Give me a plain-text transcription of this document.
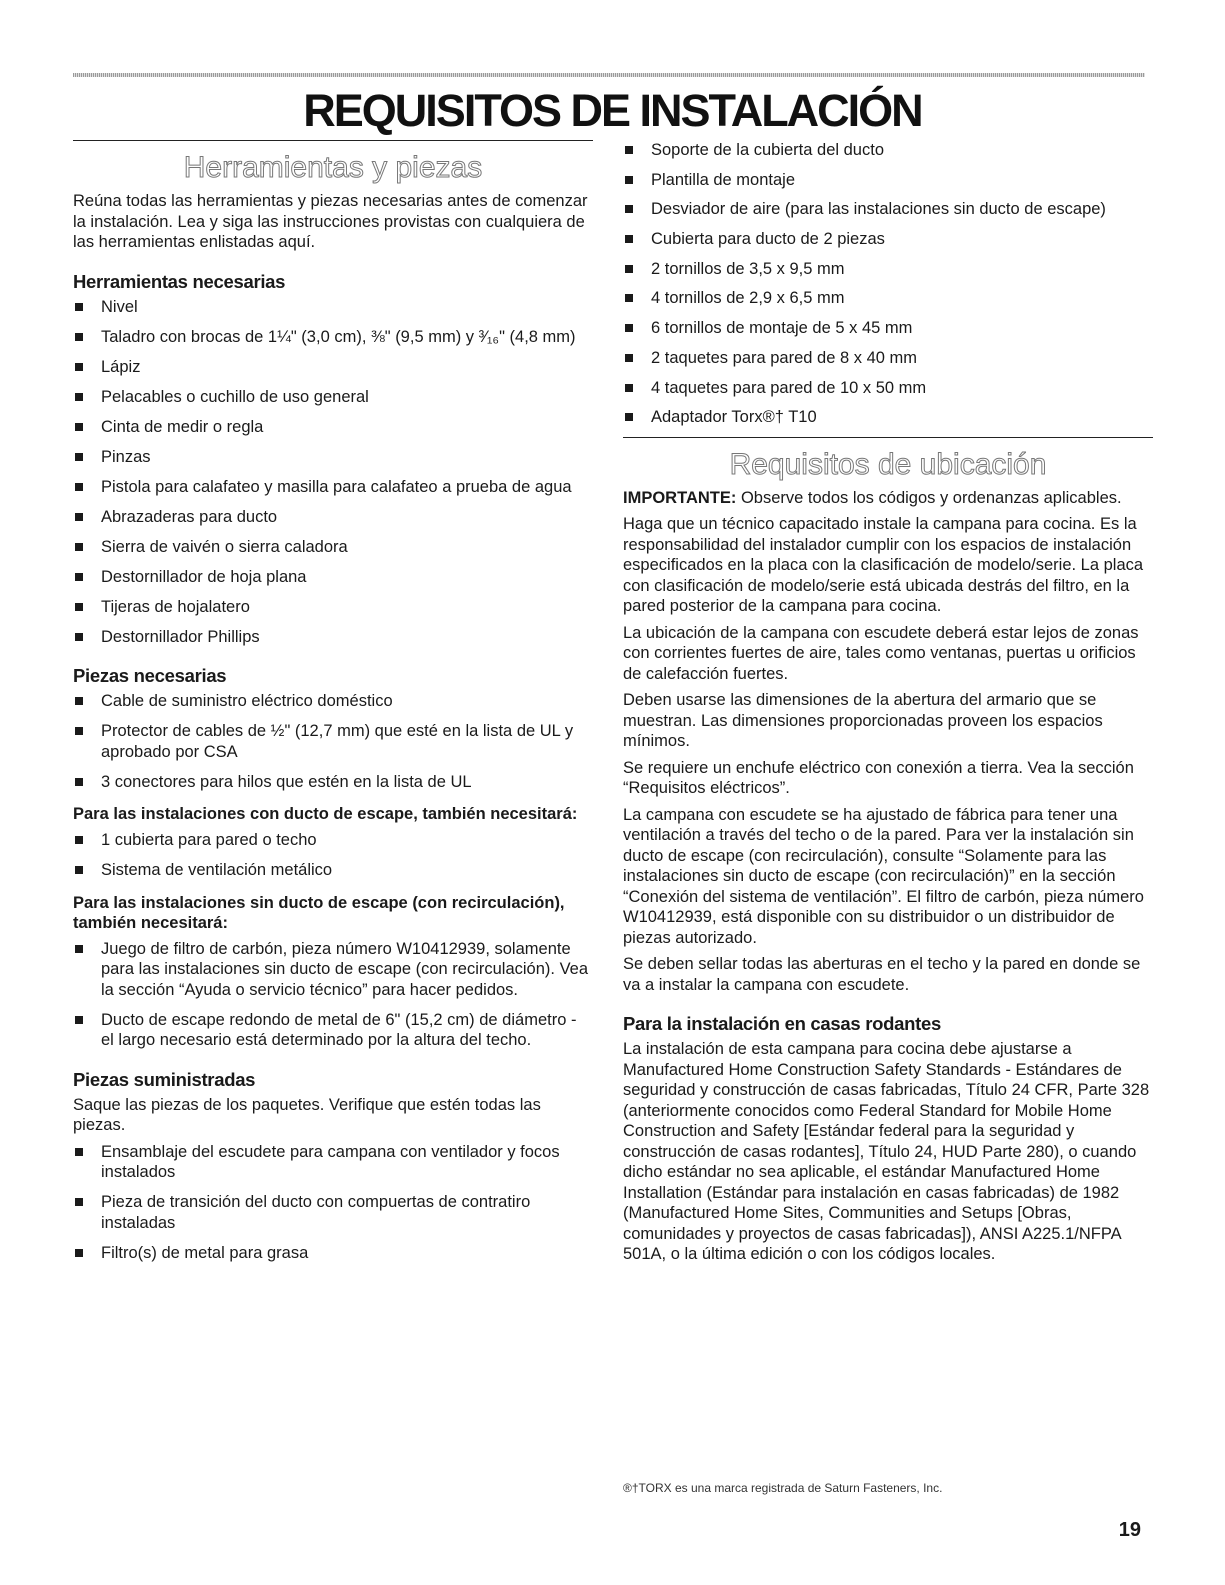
REQUISITOS DE INSTALACIÓN
Herramientas y piezas

Reúna todas las herramientas y piezas necesarias antes de comenzar la instalación. Lea y siga las instrucciones provistas con cualquiera de las herramientas enlistadas aquí.

Herramientas necesarias
Nivel
Taladro con brocas de 1¼" (3,0 cm), ⅜" (9,5 mm) y ³⁄₁₆" (4,8 mm)
Lápiz
Pelacables o cuchillo de uso general
Cinta de medir o regla
Pinzas
Pistola para calafateo y masilla para calafateo a prueba de agua
Abrazaderas para ducto
Sierra de vaivén o sierra caladora
Destornillador de hoja plana
Tijeras de hojalatero
Destornillador Phillips
Piezas necesarias
Cable de suministro eléctrico doméstico
Protector de cables de ½" (12,7 mm) que esté en la lista de UL y aprobado por CSA
3 conectores para hilos que estén en la lista de UL
Para las instalaciones con ducto de escape, también necesitará:
1 cubierta para pared o techo
Sistema de ventilación metálico
Para las instalaciones sin ducto de escape (con recirculación), también necesitará:
Juego de filtro de carbón, pieza número W10412939, solamente para las instalaciones sin ducto de escape (con recirculación). Vea la sección “Ayuda o servicio técnico” para hacer pedidos.
Ducto de escape redondo de metal de 6" (15,2 cm) de diámetro - el largo necesario está determinado por la altura del techo.
Piezas suministradas

Saque las piezas de los paquetes. Verifique que estén todas las piezas.

Ensamblaje del escudete para campana con ventilador y focos instalados
Pieza de transición del ducto con compuertas de contratiro instaladas
Filtro(s) de metal para grasa
Soporte de la cubierta del ducto
Plantilla de montaje
Desviador de aire (para las instalaciones sin ducto de escape)
Cubierta para ducto de 2 piezas
2 tornillos de 3,5 x 9,5 mm
4 tornillos de 2,9 x 6,5 mm
6 tornillos de montaje de 5 x 45 mm
2 taquetes para pared de 8 x 40 mm
4 taquetes para pared de 10 x 50 mm
Adaptador Torx®† T10
Requisitos de ubicación

IMPORTANTE: Observe todos los códigos y ordenanzas aplicables.

Haga que un técnico capacitado instale la campana para cocina. Es la responsabilidad del instalador cumplir con los espacios de instalación especificados en la placa con la clasificación de modelo/serie. La placa con clasificación de modelo/serie está ubicada destrás del filtro, en la pared posterior de la campana para cocina.

La ubicación de la campana con escudete deberá estar lejos de zonas con corrientes fuertes de aire, tales como ventanas, puertas u orificios de calefacción fuertes.

Deben usarse las dimensiones de la abertura del armario que se muestran. Las dimensiones proporcionadas proveen los espacios mínimos.

Se requiere un enchufe eléctrico con conexión a tierra. Vea la sección “Requisitos eléctricos”.

La campana con escudete se ha ajustado de fábrica para tener una ventilación a través del techo o de la pared. Para ver la instalación sin ducto de escape (con recirculación), consulte “Solamente para las instalaciones sin ducto de escape (con recirculación)” en la sección “Conexión del sistema de ventilación”. El filtro de carbón, pieza número W10412939, está disponible con su distribuidor o un distribuidor de piezas autorizado.

Se deben sellar todas las aberturas en el techo y la pared en donde se va a instalar la campana con escudete.

Para la instalación en casas rodantes

La instalación de esta campana para cocina debe ajustarse a Manufactured Home Construction Safety Standards - Estándares de seguridad y construcción de casas fabricadas, Título 24 CFR, Parte 328 (anteriormente conocidos como Federal Standard for Mobile Home Construction and Safety [Estándar federal para la seguridad y construcción de casas rodantes], Título 24, HUD Parte 280), o cuando dicho estándar no sea aplicable, el estándar Manufactured Home Installation (Estándar para instalación en casas fabricadas) de 1982 (Manufactured Home Sites, Communities and Setups [Obras, comunidades y proyectos de casas fabricadas]), ANSI A225.1/NFPA 501A, o la última edición o con los códigos locales.

®†TORX es una marca registrada de Saturn Fasteners, Inc.

19
